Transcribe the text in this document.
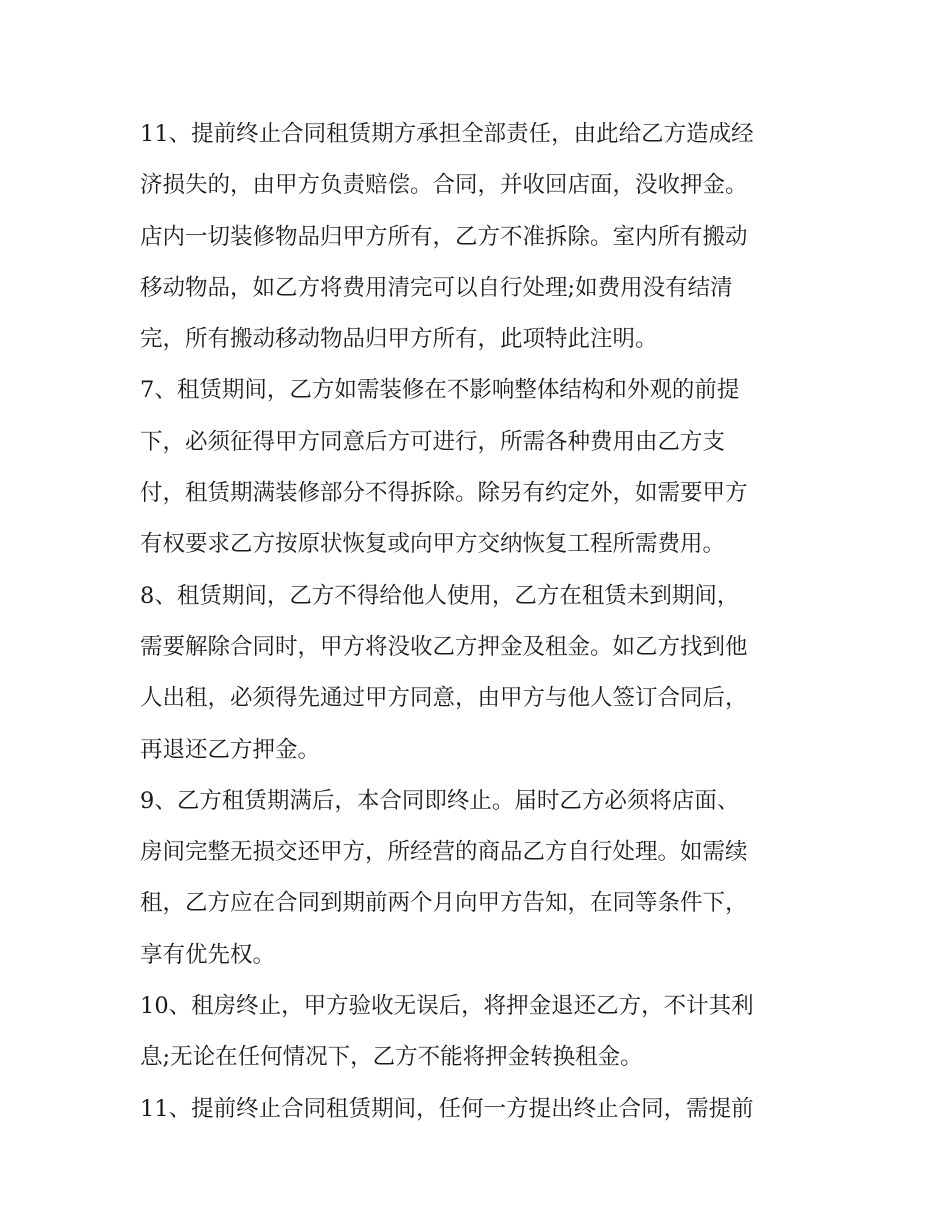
11、提前终止合同租赁期方承担全部责任，由此给乙方造成经
济损失的，由甲方负责赔偿。合同，并收回店面，没收押金。
店内一切装修物品归甲方所有，乙方不准拆除。室内所有搬动
移动物品，如乙方将费用清完可以自行处理;如费用没有结清
完，所有搬动移动物品归甲方所有，此项特此注明。
7、租赁期间，乙方如需装修在不影响整体结构和外观的前提
下，必须征得甲方同意后方可进行，所需各种费用由乙方支
付，租赁期满装修部分不得拆除。除另有约定外，如需要甲方
有权要求乙方按原状恢复或向甲方交纳恢复工程所需费用。
8、租赁期间，乙方不得给他人使用，乙方在租赁未到期间，
需要解除合同时，甲方将没收乙方押金及租金。如乙方找到他
人出租，必须得先通过甲方同意，由甲方与他人签订合同后，
再退还乙方押金。
9、乙方租赁期满后，本合同即终止。届时乙方必须将店面、
房间完整无损交还甲方，所经营的商品乙方自行处理。如需续
租，乙方应在合同到期前两个月向甲方告知，在同等条件下，
享有优先权。
10、租房终止，甲方验收无误后，将押金退还乙方，不计其利
息;无论在任何情况下，乙方不能将押金转换租金。
11、提前终止合同租赁期间，任何一方提出终止合同，需提前
